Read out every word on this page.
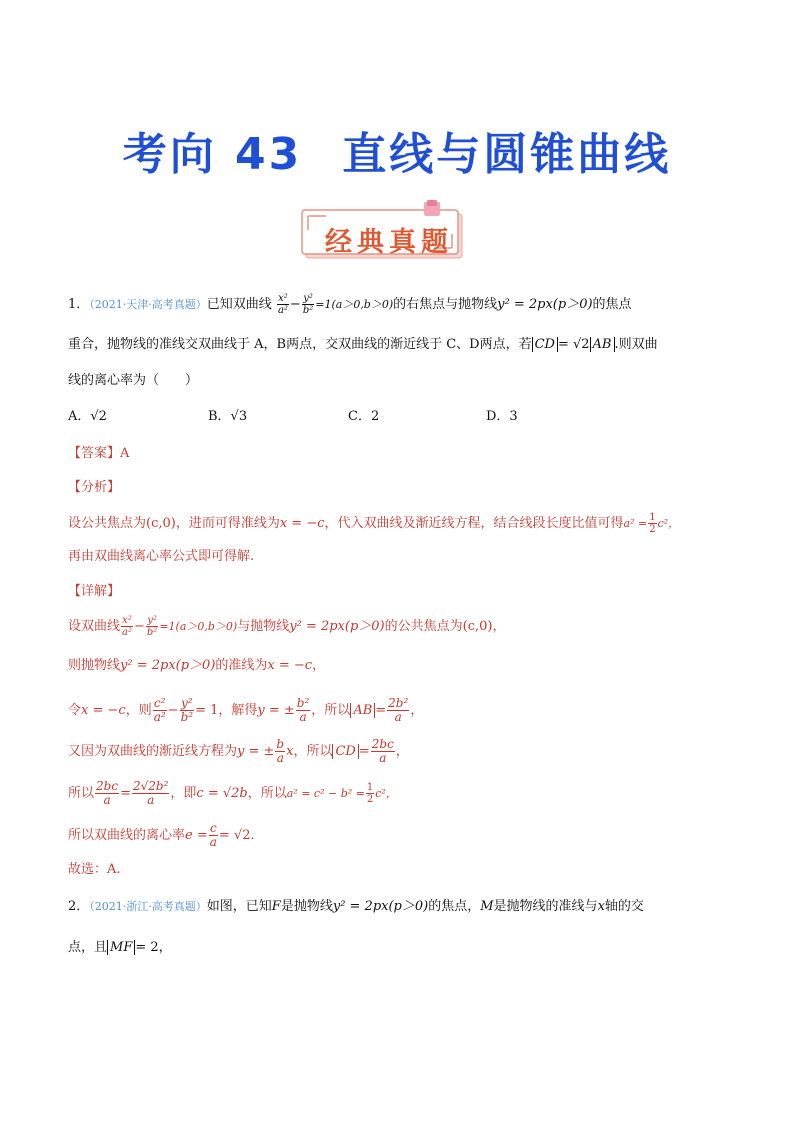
考向 43 直线与圆锥曲线
经典真题
1．（2021·天津·高考真题）已知双曲线 $\frac{\text{x²}}{\text{a²}} - \frac{\text{y²}}{\text{b²}} =1(a>0,b>0)$的右焦点与抛物线y² = 2px(p＞0)的焦点
重合，抛物线的准线交双曲线于 A，B两点，交双曲线的渐近线于 C、D两点，若 CD = √2 AB .则双曲
线的离心率为（　　）
A．√2	B．√3	C．2	D．3
【答案】A
【分析】
设公共焦点为(c,0)，进而可得准线为x = −c，代入双曲线及渐近线方程，结合线段长度比值可得$a^2 = \frac{1}{2} c^2$，
再由双曲线离心率公式即可得解.
【详解】
设双曲线 $\frac{\text{x²}}{\text{a²}} - \frac{\text{y²}}{\text{b²}} =1(a>0,b>0)$与抛物线y² = 2px(p＞0)的公共焦点为(c,0)，
则抛物线y² = 2px(p＞0)的准线为x = −c，
令x = −c，则 $\frac{\text{c²}}{\text{a²}} - \frac{\text{y²}}{\text{b²}} = 1$，解得y = ± $\frac{\text{b²}}{a}$ ，所以 AB = $\frac{\text{2b²}}{a}$ ，
又因为双曲线的渐近线方程为y = ± $\frac{b}{a}$ x，所以 CD = $\frac{2bc}{a}$ ，
所以 $\frac{2bc}{a} = \frac{\text{2√2b²}}{a}$ ，即c = √2b，所以$a^2 = c^2 - b^2 = \frac{1}{2} c^2$，
所以双曲线的离心率$e = \frac{c}{a} = √2$.
故选：A.
2．（2021·浙江·高考真题）如图，已知F是抛物线y² = 2px(p＞0)的焦点，M是抛物线的准线与x轴的交
点，且 MF = 2，
